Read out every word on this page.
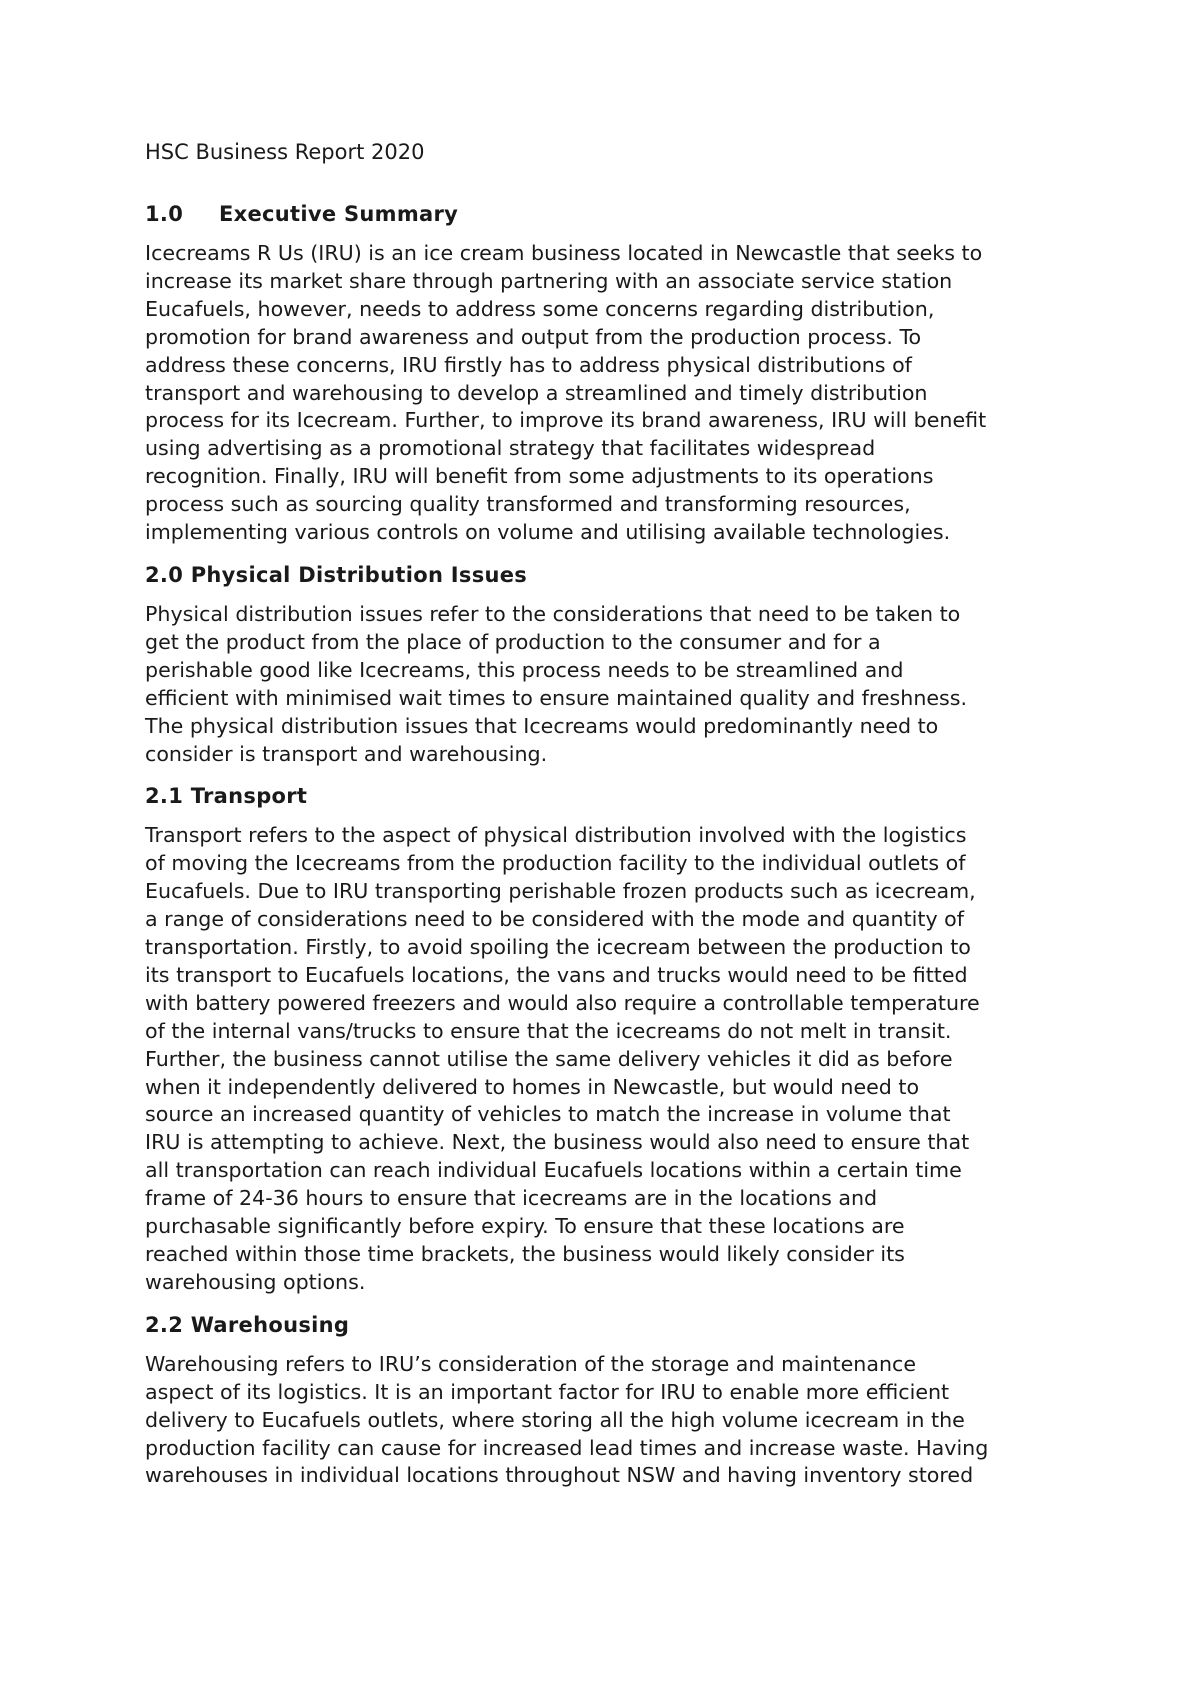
HSC Business Report 2020
1.0 Executive Summary
Icecreams R Us (IRU) is an ice cream business located in Newcastle that seeks to
increase its market share through partnering with an associate service station
Eucafuels, however, needs to address some concerns regarding distribution,
promotion for brand awareness and output from the production process. To
address these concerns, IRU firstly has to address physical distributions of
transport and warehousing to develop a streamlined and timely distribution
process for its Icecream. Further, to improve its brand awareness, IRU will benefit
using advertising as a promotional strategy that facilitates widespread
recognition. Finally, IRU will benefit from some adjustments to its operations
process such as sourcing quality transformed and transforming resources,
implementing various controls on volume and utilising available technologies.
2.0 Physical Distribution Issues
Physical distribution issues refer to the considerations that need to be taken to
get the product from the place of production to the consumer and for a
perishable good like Icecreams, this process needs to be streamlined and
efficient with minimised wait times to ensure maintained quality and freshness.
The physical distribution issues that Icecreams would predominantly need to
consider is transport and warehousing.
2.1 Transport
Transport refers to the aspect of physical distribution involved with the logistics
of moving the Icecreams from the production facility to the individual outlets of
Eucafuels. Due to IRU transporting perishable frozen products such as icecream,
a range of considerations need to be considered with the mode and quantity of
transportation. Firstly, to avoid spoiling the icecream between the production to
its transport to Eucafuels locations, the vans and trucks would need to be fitted
with battery powered freezers and would also require a controllable temperature
of the internal vans/trucks to ensure that the icecreams do not melt in transit.
Further, the business cannot utilise the same delivery vehicles it did as before
when it independently delivered to homes in Newcastle, but would need to
source an increased quantity of vehicles to match the increase in volume that
IRU is attempting to achieve. Next, the business would also need to ensure that
all transportation can reach individual Eucafuels locations within a certain time
frame of 24-36 hours to ensure that icecreams are in the locations and
purchasable significantly before expiry. To ensure that these locations are
reached within those time brackets, the business would likely consider its
warehousing options.
2.2 Warehousing
Warehousing refers to IRU’s consideration of the storage and maintenance
aspect of its logistics. It is an important factor for IRU to enable more efficient
delivery to Eucafuels outlets, where storing all the high volume icecream in the
production facility can cause for increased lead times and increase waste. Having
warehouses in individual locations throughout NSW and having inventory stored
